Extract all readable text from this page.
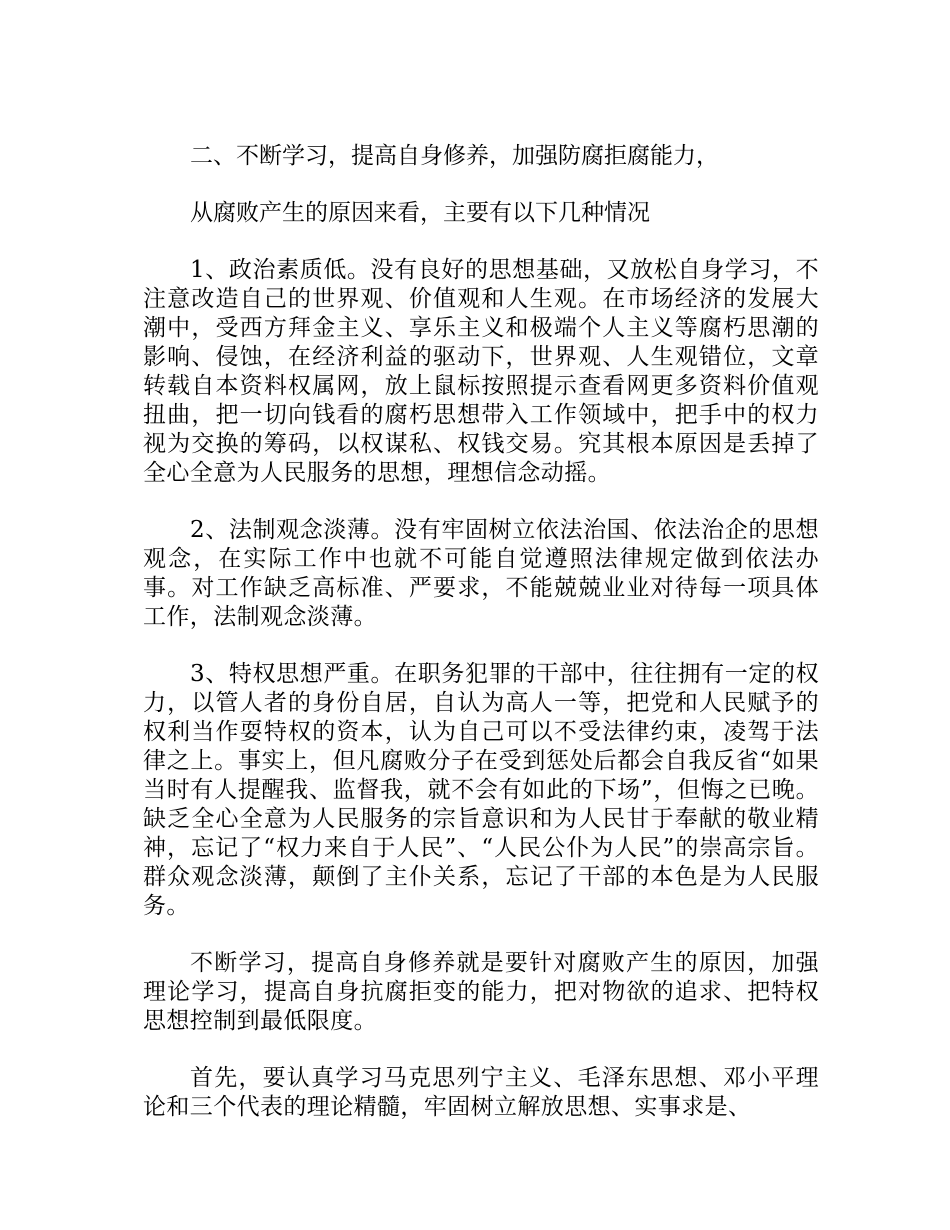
二、不断学习，提高自身修养，加强防腐拒腐能力，

从腐败产生的原因来看，主要有以下几种情况

1、政治素质低。没有良好的思想基础，又放松自身学习，不注意改造自己的世界观、价值观和人生观。在市场经济的发展大潮中，受西方拜金主义、享乐主义和极端个人主义等腐朽思潮的影响、侵蚀，在经济利益的驱动下，世界观、人生观错位，文章转载自本资料权属网，放上鼠标按照提示查看网更多资料价值观扭曲，把一切向钱看的腐朽思想带入工作领域中，把手中的权力视为交换的筹码，以权谋私、权钱交易。究其根本原因是丢掉了全心全意为人民服务的思想，理想信念动摇。

2、法制观念淡薄。没有牢固树立依法治国、依法治企的思想观念，在实际工作中也就不可能自觉遵照法律规定做到依法办事。对工作缺乏高标准、严要求，不能兢兢业业对待每一项具体工作，法制观念淡薄。

3、特权思想严重。在职务犯罪的干部中，往往拥有一定的权力，以管人者的身份自居，自认为高人一等，把党和人民赋予的权利当作耍特权的资本，认为自己可以不受法律约束，凌驾于法律之上。事实上，但凡腐败分子在受到惩处后都会自我反省“如果当时有人提醒我、监督我，就不会有如此的下场”，但悔之已晚。缺乏全心全意为人民服务的宗旨意识和为人民甘于奉献的敬业精神，忘记了“权力来自于人民”、“人民公仆为人民”的崇高宗旨。群众观念淡薄，颠倒了主仆关系，忘记了干部的本色是为人民服务。

不断学习，提高自身修养就是要针对腐败产生的原因，加强理论学习，提高自身抗腐拒变的能力，把对物欲的追求、把特权思想控制到最低限度。

首先，要认真学习马克思列宁主义、毛泽东思想、邓小平理论和三个代表的理论精髓，牢固树立解放思想、实事求是、
